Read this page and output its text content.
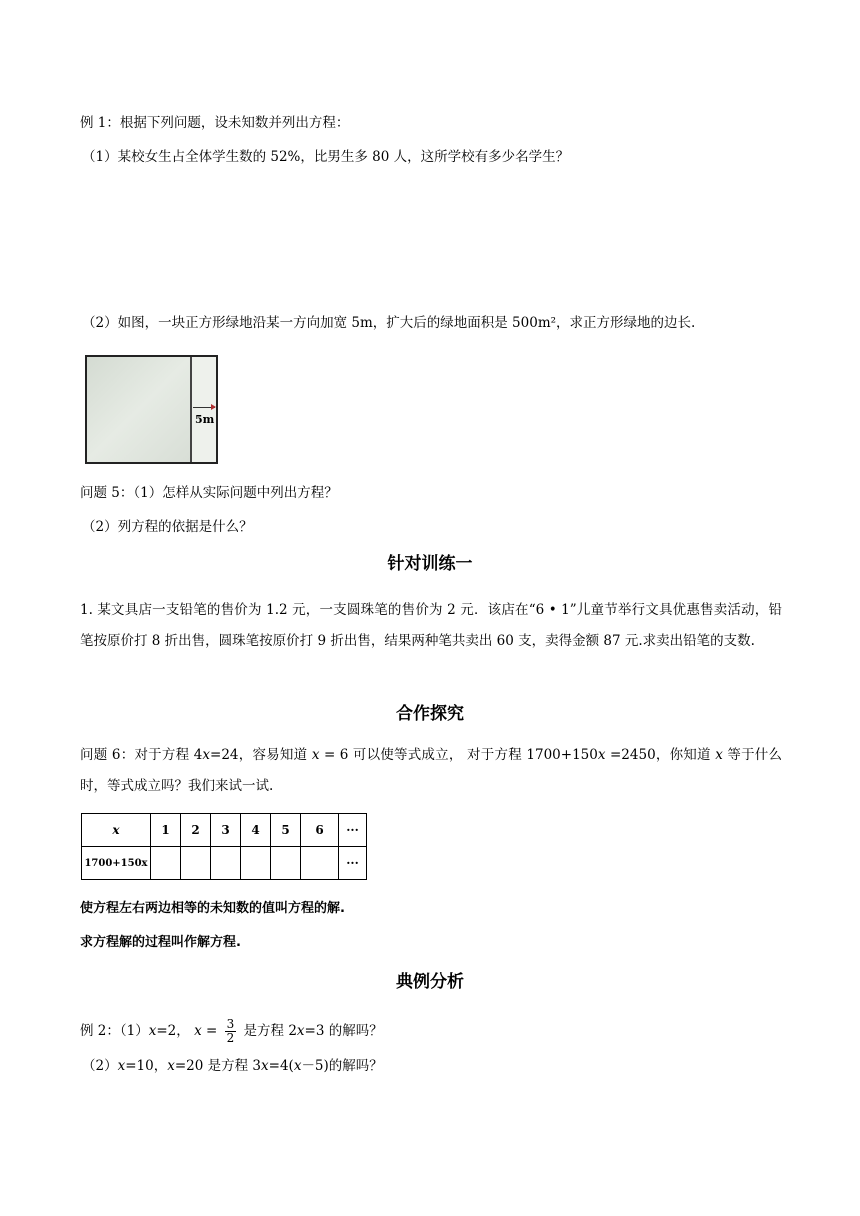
例 1：根据下列问题，设未知数并列出方程：
（1）某校女生占全体学生数的 52%，比男生多 80 人，这所学校有多少名学生？
（2）如图，一块正方形绿地沿某一方向加宽 5m，扩大后的绿地面积是 500m²，求正方形绿地的边长.
5m
问题 5：（1）怎样从实际问题中列出方程？
（2）列方程的依据是什么？
针对训练一
1. 某文具店一支铅笔的售价为 1.2 元，一支圆珠笔的售价为 2 元．该店在“6 • 1”儿童节举行文具优惠售卖活动，铅笔按原价打 8 折出售，圆珠笔按原价打 9 折出售，结果两种笔共卖出 60 支，卖得金额 87 元.求卖出铅笔的支数.
合作探究
问题 6：对于方程 4x=24，容易知道 x = 6 可以使等式成立， 对于方程 1700+150x =2450，你知道 x 等于什么时，等式成立吗？我们来试一试.
x	1	2	3	4	5	6	···
1700+150x							···
使方程左右两边相等的未知数的值叫方程的解.
求方程解的过程叫作解方程.
典例分析
例 2：（1）x=2， $x = \frac{3}{2}$ 是方程 2x=3 的解吗？
（2）x=10，x=20 是方程 3x=4(x－5)的解吗？
